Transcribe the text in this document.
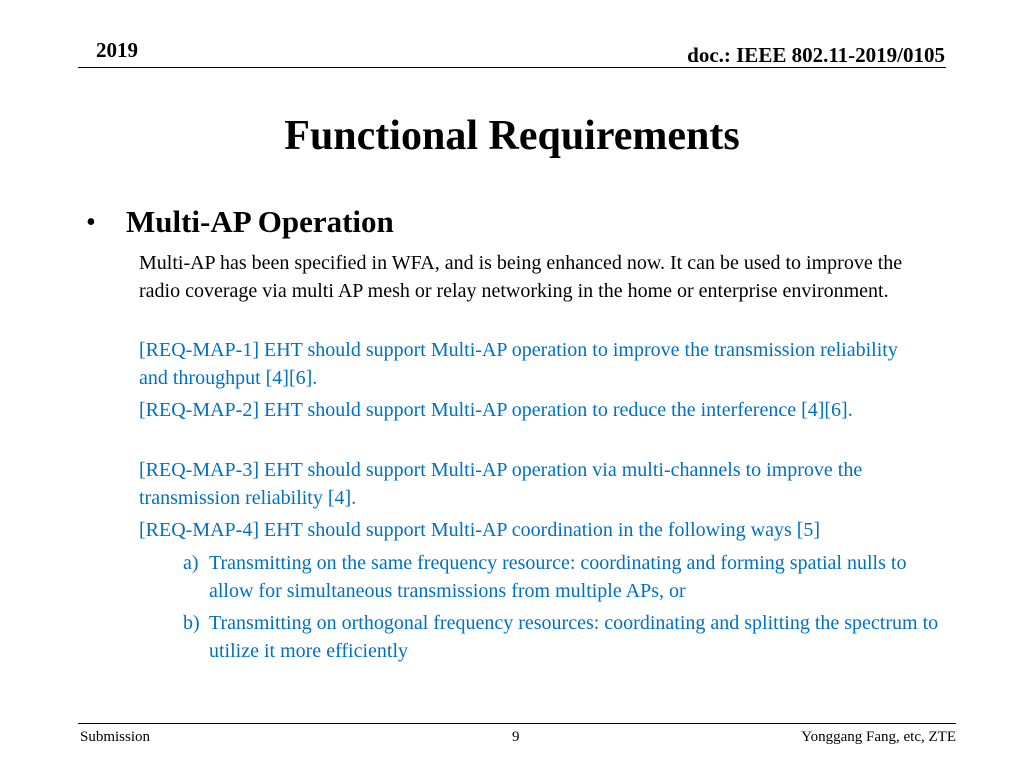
2019	doc.: IEEE 802.11-2019/0105
Functional Requirements
• Multi-AP Operation
Multi-AP has been specified in WFA, and is being enhanced now. It can be used to improve the radio coverage via multi AP mesh or relay networking in the home or enterprise environment.
[REQ-MAP-1] EHT should support Multi-AP operation to improve the transmission reliability and throughput [4][6].
[REQ-MAP-2] EHT should support Multi-AP operation to reduce the interference [4][6].
[REQ-MAP-3] EHT should support Multi-AP operation via multi-channels to improve the transmission reliability [4].
[REQ-MAP-4] EHT should support Multi-AP coordination in the following ways [5]
a) Transmitting on the same frequency resource: coordinating and forming spatial nulls to allow for simultaneous transmissions from multiple APs, or
b) Transmitting on orthogonal frequency resources: coordinating and splitting the spectrum to utilize it more efficiently
Submission	9	Yonggang Fang, etc, ZTE
